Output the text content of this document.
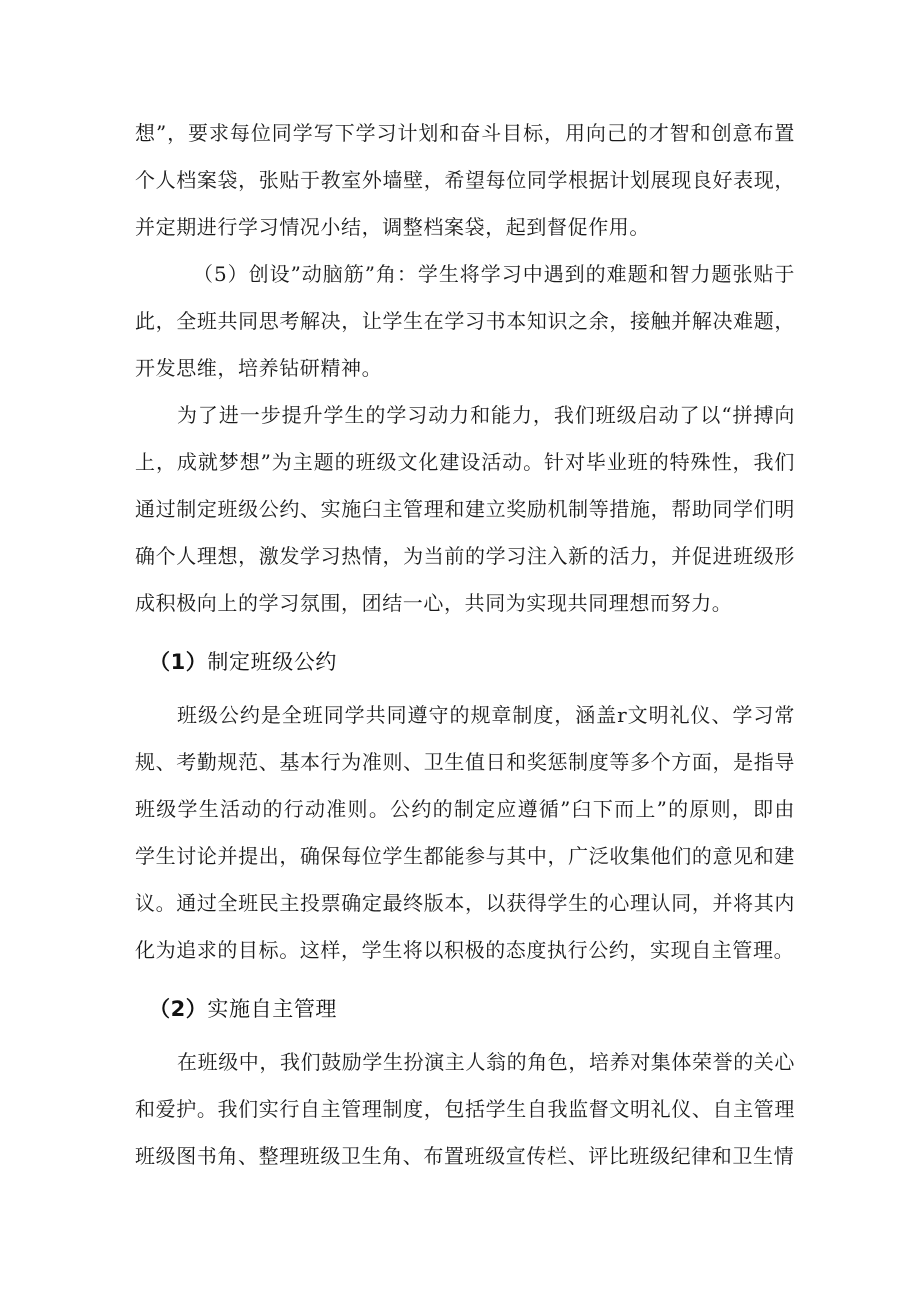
想”，要求每位同学写下学习计划和奋斗目标，用向己的才智和创意布置个人档案袋，张贴于教室外墙壁，希望每位同学根据计划展现良好表现，并定期进行学习情况小结，调整档案袋，起到督促作用。

（5）创设”动脑筋”角：学生将学习中遇到的难题和智力题张贴于此，全班共同思考解决，让学生在学习书本知识之余，接触并解决难题，开发思维，培养钻研精神。

为了进一步提升学生的学习动力和能力，我们班级启动了以“拼搏向上，成就梦想”为主题的班级文化建设活动。针对毕业班的特殊性，我们通过制定班级公约、实施臼主管理和建立奖励机制等措施，帮助同学们明确个人理想，激发学习热情，为当前的学习注入新的活力，并促进班级形成积极向上的学习氛围，团结一心，共同为实现共同理想而努力。

（1）制定班级公约

班级公约是全班同学共同遵守的规章制度，涵盖r文明礼仪、学习常规、考勤规范、基本行为准则、卫生值日和奖惩制度等多个方面，是指导班级学生活动的行动准则。公约的制定应遵循”臼下而上”的原则，即由学生讨论并提出，确保每位学生都能参与其中，广泛收集他们的意见和建议。通过全班民主投票确定最终版本，以获得学生的心理认同，并将其内化为追求的目标。这样，学生将以积极的态度执行公约，实现自主管理。

（2）实施自主管理

在班级中，我们鼓励学生扮演主人翁的角色，培养对集体荣誉的关心和爱护。我们实行自主管理制度，包括学生自我监督文明礼仪、自主管理班级图书角、整理班级卫生角、布置班级宣传栏、评比班级纪律和卫生情
